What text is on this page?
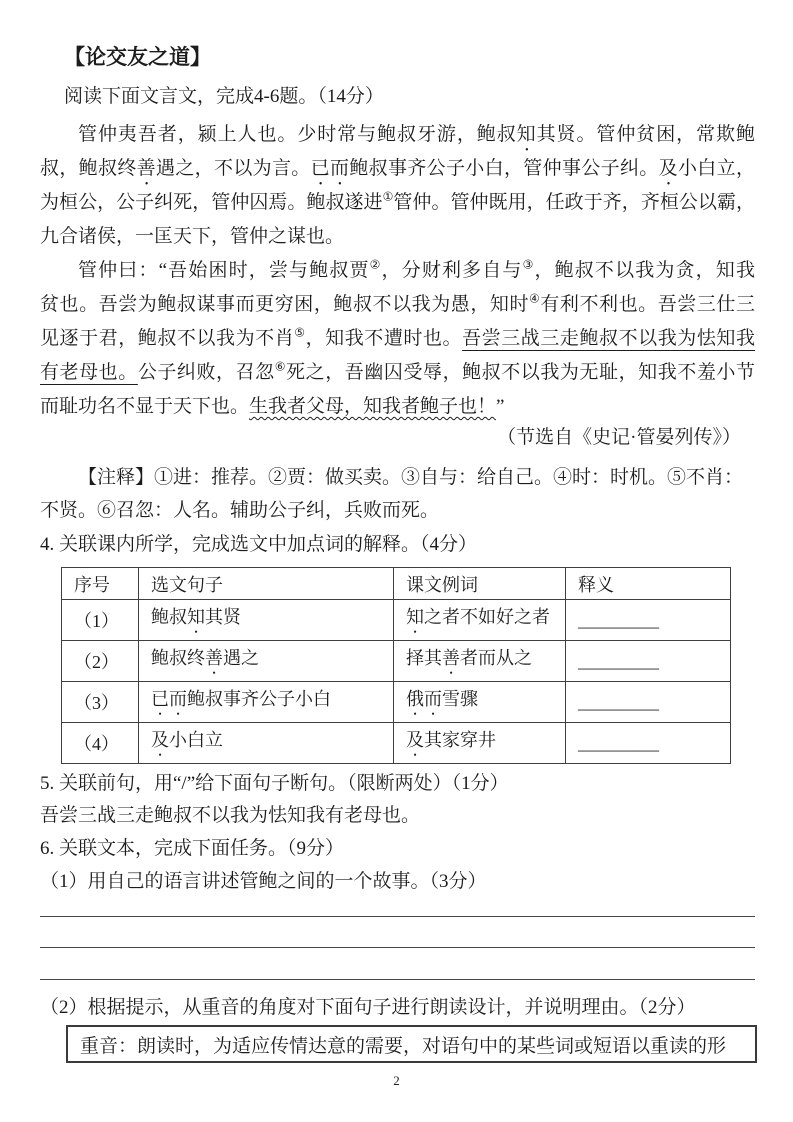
【论交友之道】
阅读下面文言文，完成4-6题。（14分）
管仲夷吾者，颍上人也。少时常与鲍叔牙游，鲍叔知其贤。管仲贫困，常欺鲍
叔，鲍叔终善遇之，不以为言。已而鲍叔事齐公子小白，管仲事公子纠。及小白立，
为桓公，公子纠死，管仲囚焉。鲍叔遂进①管仲。管仲既用，任政于齐，齐桓公以霸，
九合诸侯，一匡天下，管仲之谋也。
管仲曰：“吾始困时，尝与鲍叔贾②，分财利多自与③，鲍叔不以我为贪，知我
贫也。吾尝为鲍叔谋事而更穷困，鲍叔不以我为愚，知时④有利不利也。吾尝三仕三
见逐于君，鲍叔不以我为不肖⑤，知我不遭时也。吾尝三战三走鲍叔不以我为怯知我
有老母也。公子纠败，召忽⑥死之，吾幽囚受辱，鲍叔不以我为无耻，知我不羞小节
而耻功名不显于天下也。生我者父母，知我者鲍子也！”
（节选自《史记·管晏列传》）
【注释】①进：推荐。②贾：做买卖。③自与：给自己。④时：时机。⑤不肖：
不贤。⑥召忽：人名。辅助公子纠，兵败而死。
4. 关联课内所学，完成选文中加点词的解释。（4分）
序号	选文句子	课文例词	释义
（1）	鲍叔知其贤	知之者不如好之者	_________
（2）	鲍叔终善遇之	择其善者而从之	_________
（3）	已而鲍叔事齐公子小白	俄而雪骤	_________
（4）	及小白立	及其家穿井	_________
5. 关联前句，用“/”给下面句子断句。（限断两处）（1分）
吾尝三战三走鲍叔不以我为怯知我有老母也。
6. 关联文本，完成下面任务。（9分）
（1）用自己的语言讲述管鲍之间的一个故事。（3分）
（2）根据提示，从重音的角度对下面句子进行朗读设计，并说明理由。（2分）
重音：朗读时，为适应传情达意的需要，对语句中的某些词或短语以重读的形
2
